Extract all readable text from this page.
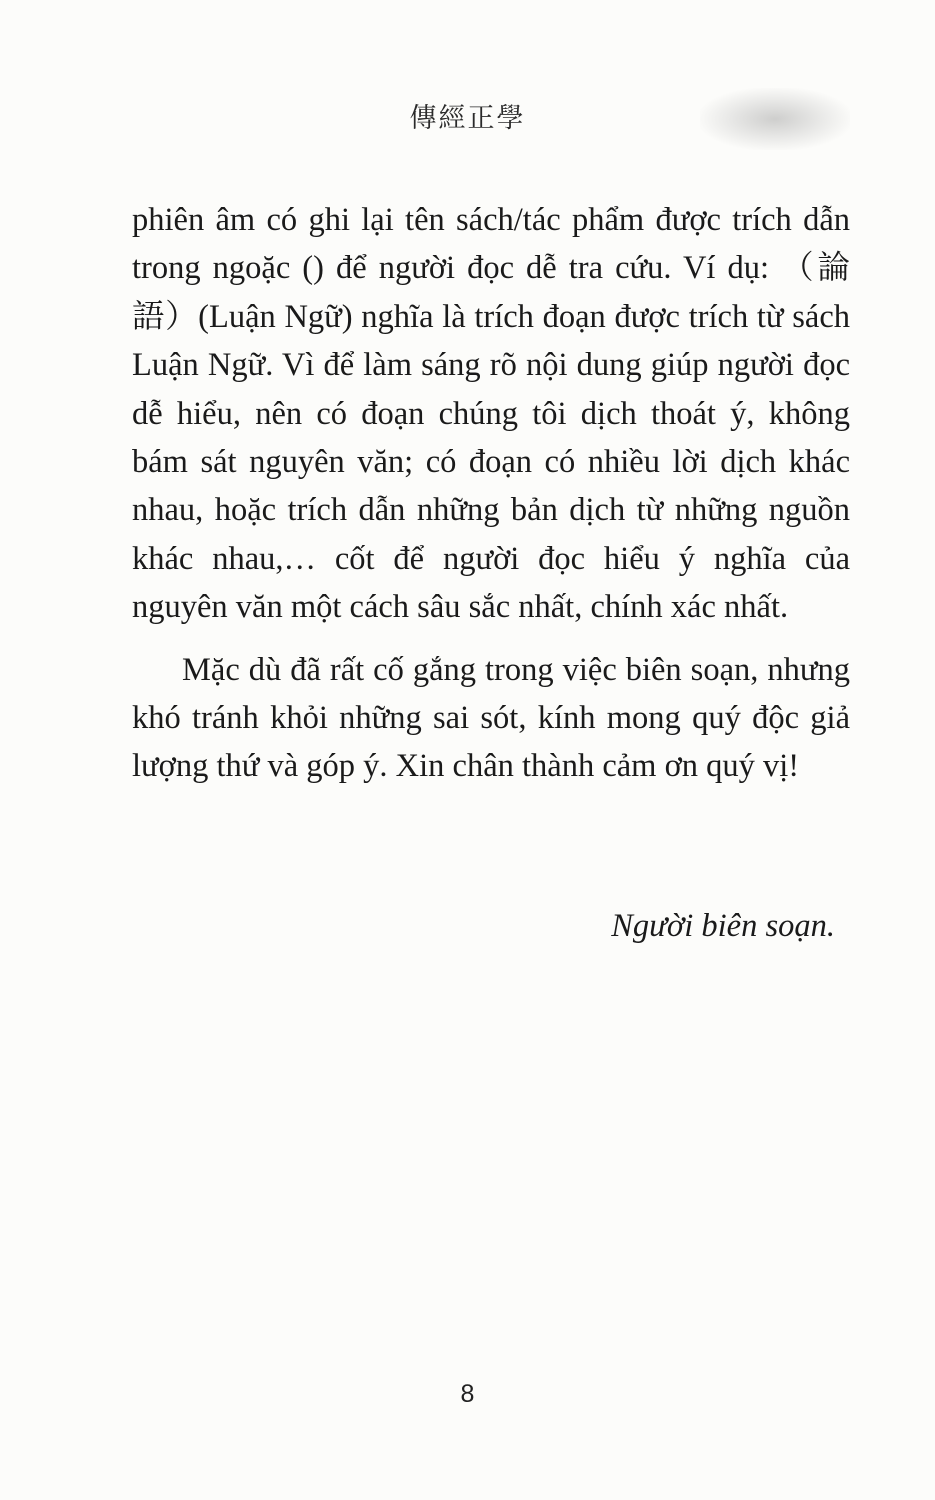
傳經正學

phiên âm có ghi lại tên sách/tác phẩm được trích dẫn trong ngoặc () để người đọc dễ tra cứu. Ví dụ: （論語）(Luận Ngữ) nghĩa là trích đoạn được trích từ sách Luận Ngữ. Vì để làm sáng rõ nội dung giúp người đọc dễ hiểu, nên có đoạn chúng tôi dịch thoát ý, không bám sát nguyên văn; có đoạn có nhiều lời dịch khác nhau, hoặc trích dẫn những bản dịch từ những nguồn khác nhau,… cốt để người đọc hiểu ý nghĩa của nguyên văn một cách sâu sắc nhất, chính xác nhất.

Mặc dù đã rất cố gắng trong việc biên soạn, nhưng khó tránh khỏi những sai sót, kính mong quý độc giả lượng thứ và góp ý. Xin chân thành cảm ơn quý vị!

Người biên soạn.
8
